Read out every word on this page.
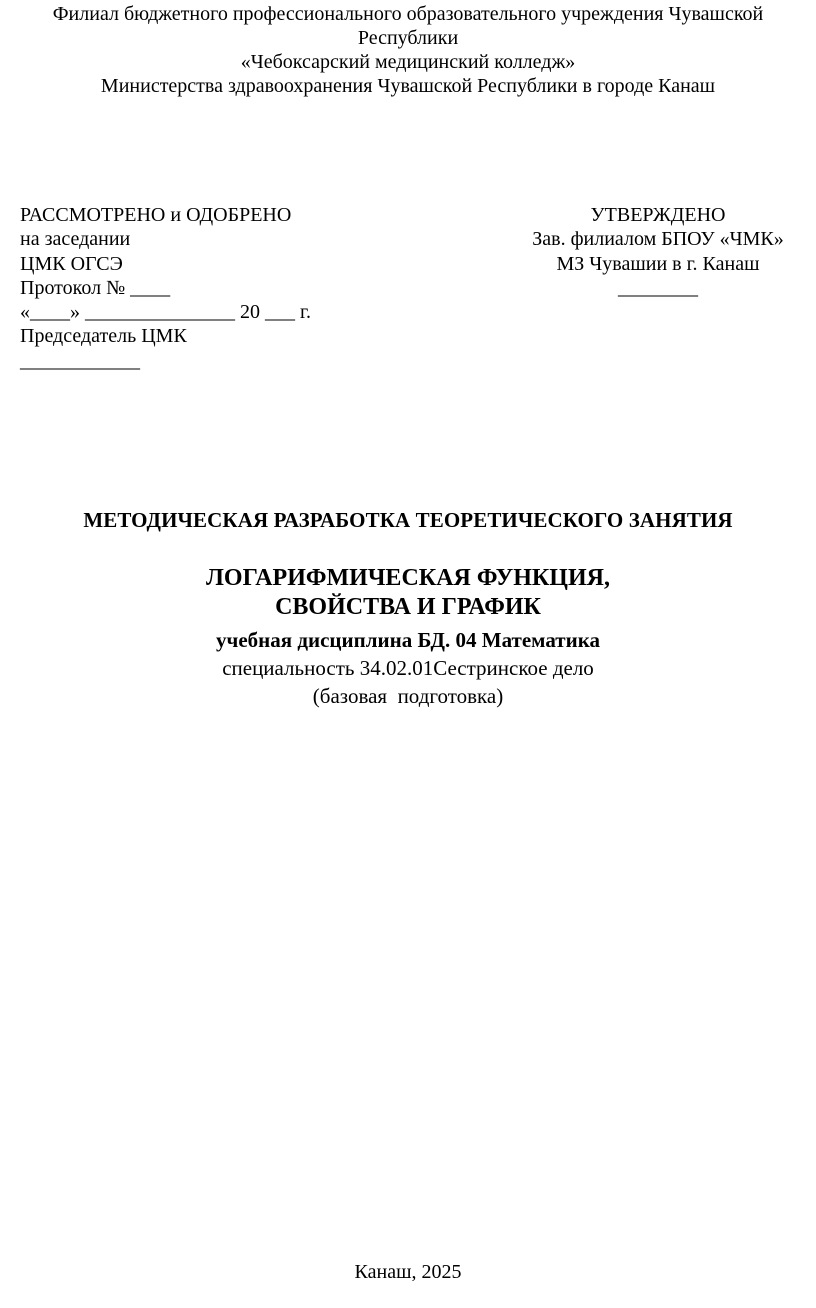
Филиал бюджетного профессионального образовательного учреждения Чувашской
Республики
«Чебоксарский медицинский колледж»
Министерства здравоохранения Чувашской Республики в городе Канаш
РАССМОТРЕНО и ОДОБРЕНО
на заседании
ЦМК ОГСЭ
Протокол № ____
«____» _______________ 20 ___ г.
Председатель ЦМК
____________
УТВЕРЖДЕНО
Зав. филиалом БПОУ «ЧМК»
МЗ Чувашии в г. Канаш
________
МЕТОДИЧЕСКАЯ РАЗРАБОТКА ТЕОРЕТИЧЕСКОГО ЗАНЯТИЯ
ЛОГАРИФМИЧЕСКАЯ ФУНКЦИЯ,
СВОЙСТВА И ГРАФИК
учебная дисциплина БД. 04 Математика
специальность 34.02.01Сестринское дело
(базовая  подготовка)
Канаш, 2025
